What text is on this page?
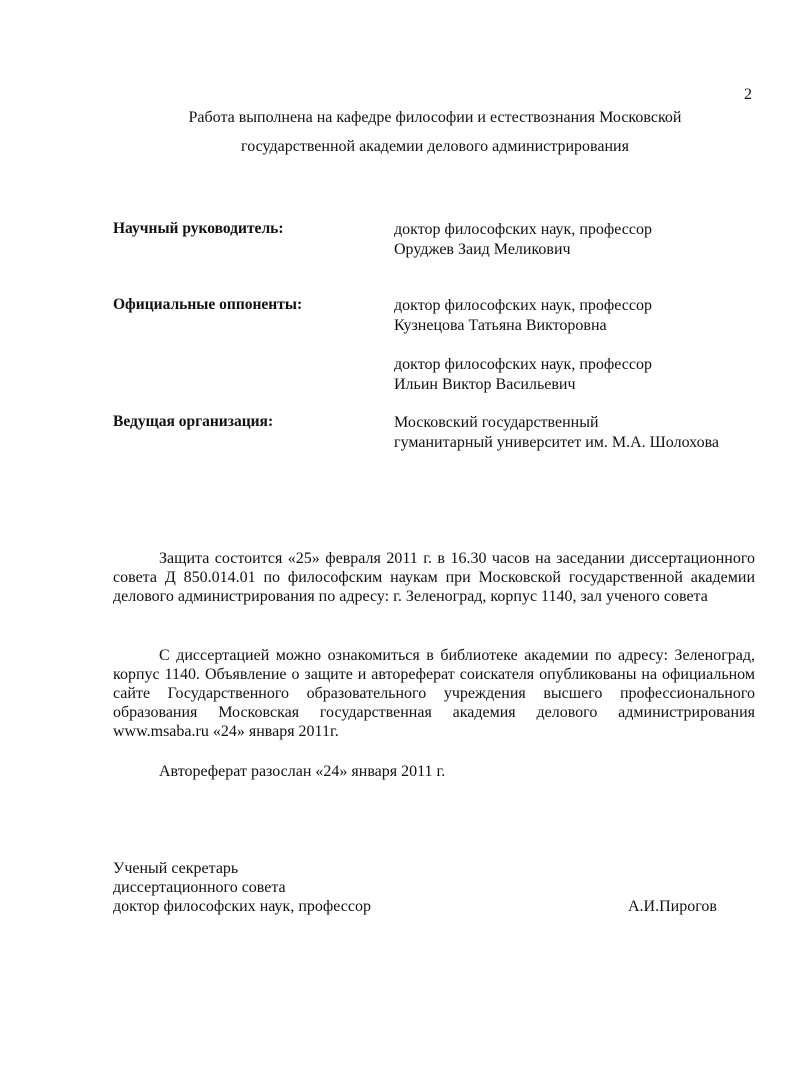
2
Работа выполнена на кафедре философии и естествознания Московской
государственной академии делового администрирования
Научный руководитель:	доктор философских наук, профессор
Оруджев Заид Меликович
Официальные оппоненты:	доктор философских наук, профессор
Кузнецова Татьяна Викторовна
доктор философских наук, профессор
Ильин Виктор Васильевич
Ведущая организация:	Московский государственный
гуманитарный университет им. М.А. Шолохова

Защита состоится «25» февраля 2011 г. в 16.30 часов на заседании диссертационного совета Д 850.014.01 по философским наукам при Московской государственной академии делового администрирования по адресу: г. Зеленоград, корпус 1140, зал ученого совета

С диссертацией можно ознакомиться в библиотеке академии по адресу: Зеленоград, корпус 1140. Объявление о защите и автореферат соискателя опубликованы на официальном сайте Государственного образовательного учреждения высшего профессионального образования Московская государственная академия делового администрирования www.msaba.ru «24» января 2011г.

Автореферат разослан «24» января 2011 г.

Ученый секретарь
диссертационного совета
доктор философских наук, профессор	А.И.Пирогов
